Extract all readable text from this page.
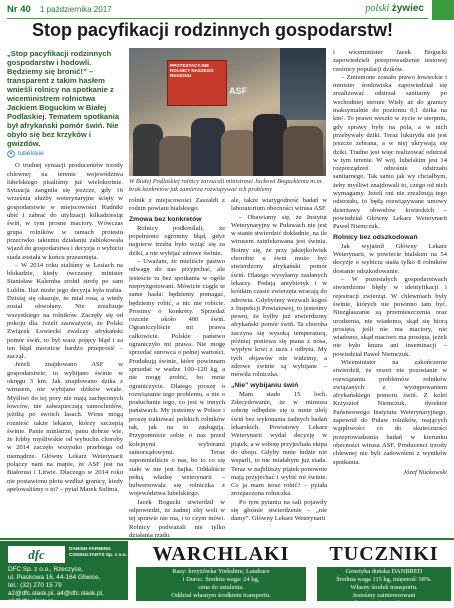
Nr 40 1 października 2017	polski żywiec
Stop pacyfikacji rodzinnych gospodarstw!
„Stop pacyfikacji rodzinnych gospodarstw i hodowli. Będziemy się bronić!” – transparent z takim hasłem wnieśli rolnicy na spotkanie z wiceministrem rolnictwa Jackiem Boguckim w Białej Podlaskiej. Tematem spotkania był afrykański pomór świń. Nie obyło się bez krzyków i gwizdów.
lubelskie

O trudnej sytuacji producentów trzody chlewnej na terenie województwa lubelskiego pisaliśmy już wielokrotnie. Sytuacja zaogniła się jeszcze, gdy 16 września służby weterynaryjne ścięły w gospodarstwie w miejscowości Rudniki ubić i zabrać do utylizacji kilkadziesiąt świń, w tym prosne maciory. Wówczas grupa rolników w ramach protestu przeciwko takiemu działaniu zablokowała wjazd do gospodarstwa i decyzja o wybiciu stada została w końcu przesunięta.

– W 2014 roku staliśmy w Lesiach na blokadzie, kiedy ówczesny minister Stanisław Kalemba zrobił strefę po sam Lublin. Iluż może jego decyzja była trafna. Dzisiaj się okazuje, że miał rosa, a wtedy został obwołany. Nie zrealizuje wszystkiego na rolników. Zaczęły się od pokoju dla. Jeżeli zauważycie, że Polski Związek Łowiecki zwalczy afrykański pomór świń, to był wasz pojęcy błąd i za ten błąd mocnicie bardzo przeprosić – zaczął.

Jeżeli znajdowano ASF w gospodarstwie, to wybijano świnie w okręgu 3 km. Jak znajdowano dzika z wirusem, nie wybijano dzików wcale. Myśliwi do tej pory nie mają zachęconych łowców, nie zabezpieczają samochodów, jeżdżą po swoich lasach. Wirus mogą roznieść także lekarze, którzy szczepią świnie. Panie ministrze, panu dobrze wie, że łobby myśliwskie od wybuchu choroby w 2014 zaczęło wszystko przebiega od niemądrze. Główny Lekarz Weterynarii połączy nam na mapie, że ASF jest na Białorusi i Litwie. Dlaczego w 2014 roku nie postawiono płotu wzdłuż granicy, kiedy apelowaliśmy o to? – pytał Marek Sulima,

PROTESTACYJNE ROLNICY NASZEGO REGIONU
ASF
W Białej Podlaskiej rolnicy zarzucali ministrowi Jackowi Boguckiemu m.in. brak konkretów jak zamierza rozwiązywać ich problemy

rolnik z miejscowości Zaszaldi z rodzin powiatu bialskiego.

Zmowa bez konkretów

Rolnicy podkreślali, że popełniono ogromny błąd, gdyż najpierw trzeba było wziąć się za dziki, a nie wybijać zdrowe świnie.

– Uważam, że mieliście pastwo odwagę do nas przyjechać, ale jesteście tu bez spotkania w ogóle niepryzgotowani. Mówicie ciągle te same hasła: będziemy pomagać, będziemy robić, a nic nie robicie. Prosimy o konkrety. Sprzedaż rozcnie około 400 świń. Ograniczyliście mi prawa całkowicie. Polskie państwo ograniczyło mi prawa. Nie mogę sprzedać surowca o pełnej wartości. Produkują świnie, które powinnam sprzedać w wadze 100–120 kg, a nie mogę zrobić, bo mnie ograniczycie. Dlatego proszę o rozwiązanie tego problemu, a nie o posłuchanie tego, co jest w innych państwach. My jesteśmy w Polsce i proszę traktować polskich rolników tak, jak na to zasługują. Przypomnicie sobie o nas przed kolejnymi wyborami samorządowymi. Teraz zapomnieliście o nas, bo to co się stało w nie jest bajka. Oddaliście pełną władzę weterynarii – bulwersowała się rolniczka z województwa lubelskiego.

Jacek Bogucki stwierdził w odpowiedzi, że żadnej złej woli w tej sprawie nie ma, i to czym mówi. Rolnicy podważali nie tylko działania rządu,

ale, także wiarygodność badań w laboratorium obecności wirusa ASF.

– Obawiamy się, że Instytut Weterynaryjny w Puławach nie jest w stanie stwierdzić dokładnie, na ile wirusem zainfekowana jest świnia. Boimy się, że przy jakiejkolwiek chorobie u świń może być stwierdzony afrykański pomór świń. Dlatego wysyłamy zasłanych lekarzy. Podają antybiotyk i w krótkim czasie zwierzęta wracają do zdrowia. Gdybyśmy wezwali kogoś z Inspekcji Powiatowej, to jesteśmy pewni, że byłby już stwierdzony afrykański pomór świń. Ta choroba zaczyna się wysoką temperaturą, później poniewa się piana z nosa, wypływ krwi z uszu i odbytu. My tych objawów nie widzimy, a zdrowe świnie są wybijane – mówiła rolniczka.

„Nie” wybijaniu świń

Mam stado 15 loch. Zdecydowanie, że w mimoza sobotę odbędzie się u mnie ubój świń bez wykonania żadnych badań lekarskich. Powiatowy Lekarz Weterynarii wydał decyzję w piątek, a w sobotę przyjechała ekipa do uboju. Gdyby mnie ludzie nie wsparli, to nie miałabym już stada. Teraz w najbliższy piątek ponownie mają przyjechać i wybić mi świnie. Co ja mam teraz robić? – pytała zrozpaczona rolniczka.

Po tym pytaniu na sali pojawiły się głośnie stwierdzenie – „nie damy”. Główny Lekarz Weterynarii

i wiceminister Jacek Bogucki zapowiedzieli przeprowadzenie testowej rzeźnicy populacji dzików.

– Zmienione zostało prawo łowieckie i minister środowiska zapowiedział się zrealizować odstrzał sanitarny po wschodniej stronie Wisły aż do granicy maksymalnie do poziomu 0,1 dzika na km². To prawo weszło w życie w sierpniu, gdy sprawy były na pola, a w nich przebywały dziki. Teraz lukurydu nie jest jeszcze zebrana, a w niej ukrywają się dziki. Tradno jest więc realizować odstrzał w tym terenie. W woj. lubelskim jest 14 rozporządzeń odnośnie odstrzału sanitarnego. Tak samo jak wy chciałbym, żeby myśliwi znajdowali to, czego od nich wymagamy. Jeżeli oni nie zrealizują tego odstrzału, to będą rozwiązywane umowy dzierżawy obwodów łowieckich – powiedział Główny Lekarz Weterynarii Paweł Niemczuk.

Rolnicy bez odszkodowań

Jak wyjaśnił Główny Lekarz Weterynarii, w powiecie bialskim na 54 decyzje o wybiciu stada tylko 8 rolników dostanie odszkodowanie.

– W pozostałych gospodarstwach stwierdzono błędy w identyfikacji i rejestracji zwierząt. W chlewniach były świnie, których nie powinno tam być. Niezgłaszanie są przemieszczenia oraz urodzenia, nie wiadomo, skąd się biorą prosięta, jeśli nie ma maciory, nie wiadomo, skąd macioro ma prosięta, jeżeli nie było knura ani inseminacji – powiedział Paweł Niemczuk.

Wiceminister na zakończenie stwierdził, że resort nie pozostanie w rozwiązaniu problemów rolników związanych z występowaniem afrykańskiego pomoru świń. Z kolei Krzysztof Niemczuk, dyrektor Państwowego Instytutu Weterynaryjnego, zapewnił do Puław rolników, mających wątpliwości co do skuteczności przeprowadzania badań w kierunku obecności wirusa ASF. Producenci trzody chlewnej nie byli zadowoleni z wyników spotkania.

Józef Nuckowski
dfc	DANISH FARMING CONSULTANTS Sp. z o.o.
DFC Sp. z o.o., Rzeczyce,
ul. Piaskowa 16, 44-164 Gliwice,
tel.: (32) 270 15 79
a2@dfc.slask.pl, a4@dfc.slask.pl,
s6@dfc.slask.pl
WARCHLAKI
Rasy: krzyżówka Yorkshire, Landrace
i Duroc. Średnia waga: 24 kg,
cena do ustalenia.
Oddział własnym środkiem transportu.
TUCZNIKI
Genetyka duńska DANBRED
Średnia waga 115 kg, mięsność 58%.
Własny środek transportu.
Jesteśmy zainteresowani
długotrwałą współpracą.
